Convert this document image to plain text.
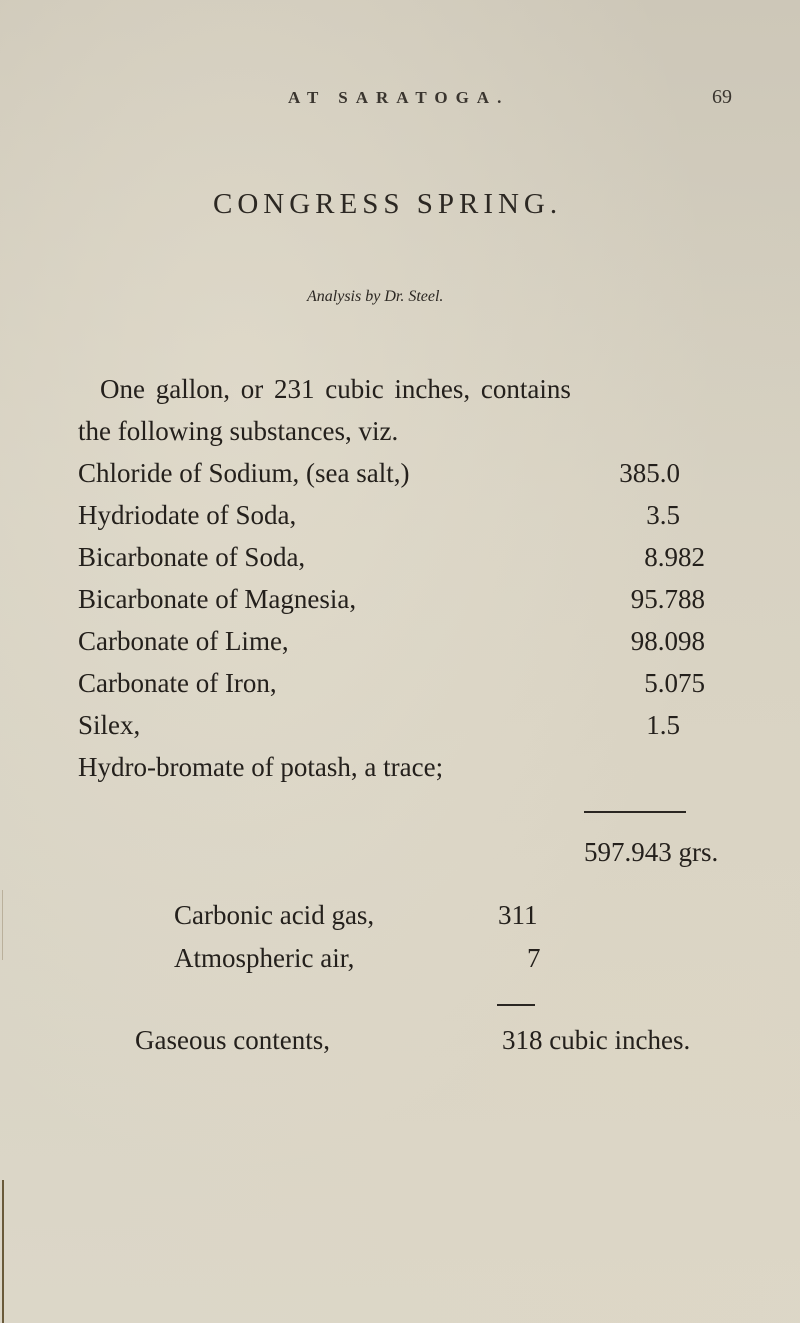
AT SARATOGA.	69
CONGRESS SPRING.
Analysis by Dr. Steel.
One gallon, or 231 cubic inches, contains
the following substances, viz.
Chloride of Sodium, (sea salt,)	385.0
Hydriodate of Soda,	3.5
Bicarbonate of Soda,	8.982
Bicarbonate of Magnesia,	95.788
Carbonate of Lime,	98.098
Carbonate of Iron,	5.075
Silex,	1.5
Hydro-bromate of potash, a trace;
597.943 grs.
Carbonic acid gas,	311
Atmospheric air,	7
Gaseous contents,	318 cubic inches.
